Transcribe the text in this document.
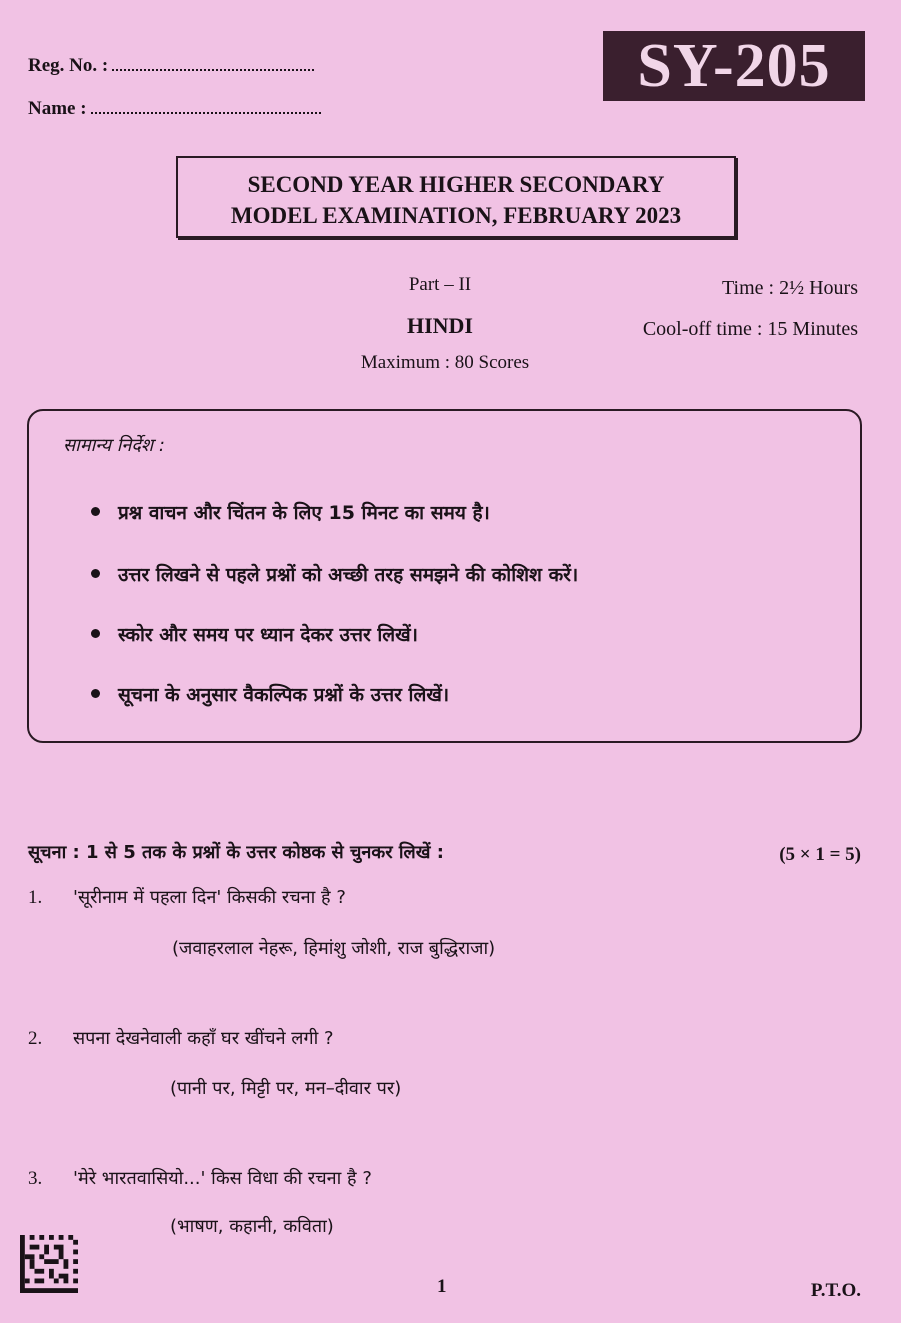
Reg. No. :
Name :
SY-205
SECOND YEAR HIGHER SECONDARY
MODEL EXAMINATION, FEBRUARY 2023
Part – II
HINDI
Maximum : 80 Scores
Time : 2½ Hours
Cool-off time : 15 Minutes
सामान्य निर्देश :
प्रश्न वाचन और चिंतन के लिए 15 मिनट का समय है।
उत्तर लिखने से पहले प्रश्नों को अच्छी तरह समझने की कोशिश करें।
स्कोर और समय पर ध्यान देकर उत्तर लिखें।
सूचना के अनुसार वैकल्पिक प्रश्नों के उत्तर लिखें।
सूचना : 1 से 5 तक के प्रश्नों के उत्तर कोष्ठक से चुनकर लिखें :	(5 × 1 = 5)
1. 'सूरीनाम में पहला दिन' किसकी रचना है ?
(जवाहरलाल नेहरू, हिमांशु जोशी, राज बुद्धिराजा)
2. सपना देखनेवाली कहाँ घर खींचने लगी ?
(पानी पर, मिट्टी पर, मन–दीवार पर)
3. 'मेरे भारतवासियो...' किस विधा की रचना है ?
(भाषण, कहानी, कविता)
1	P.T.O.
